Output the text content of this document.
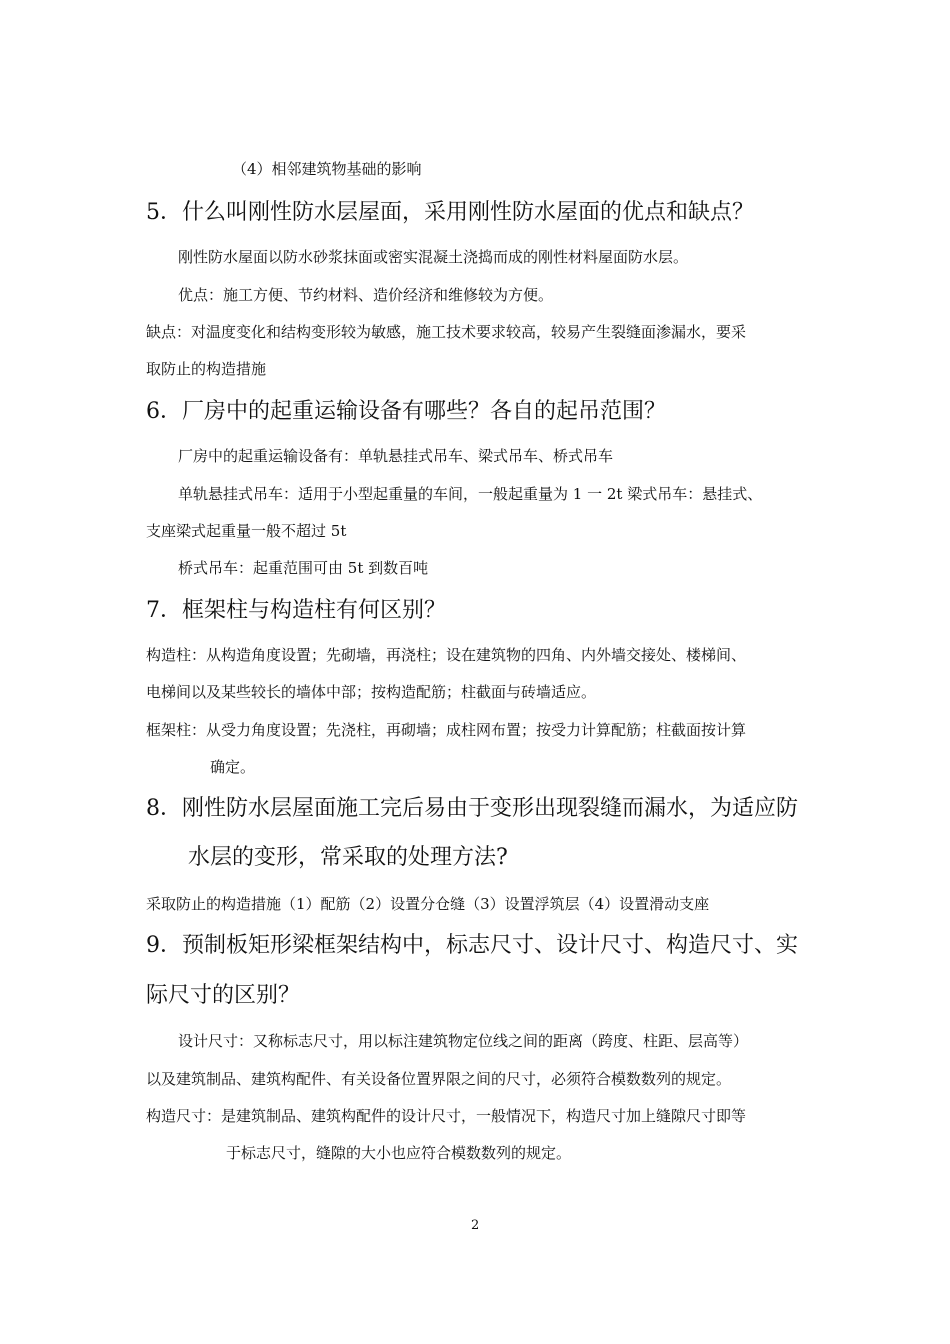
（4）相邻建筑物基础的影响
5．什么叫刚性防水层屋面，采用刚性防水屋面的优点和缺点？
刚性防水屋面以防水砂浆抹面或密实混凝土浇捣而成的刚性材料屋面防水层。
优点：施工方便、节约材料、造价经济和维修较为方便。
缺点：对温度变化和结构变形较为敏感，施工技术要求较高，较易产生裂缝面渗漏水，要采
取防止的构造措施
6．厂房中的起重运输设备有哪些？各自的起吊范围？
厂房中的起重运输设备有：单轨悬挂式吊车、梁式吊车、桥式吊车
单轨悬挂式吊车：适用于小型起重量的车间，一般起重量为 1 一 2t 梁式吊车：悬挂式、
支座梁式起重量一般不超过 5t
桥式吊车：起重范围可由 5t 到数百吨
7．框架柱与构造柱有何区别？
构造柱：从构造角度设置；先砌墙，再浇柱；设在建筑物的四角、内外墙交接处、楼梯间、
电梯间以及某些较长的墙体中部；按构造配筋；柱截面与砖墙适应。
框架柱：从受力角度设置；先浇柱，再砌墙；成柱网布置；按受力计算配筋；柱截面按计算
确定。
8．刚性防水层屋面施工完后易由于变形出现裂缝而漏水，为适应防
水层的变形，常采取的处理方法?
采取防止的构造措施（1）配筋（2）设置分仓缝（3）设置浮筑层（4）设置滑动支座
9．预制板矩形梁框架结构中，标志尺寸、设计尺寸、构造尺寸、实
际尺寸的区别？
设计尺寸：又称标志尺寸，用以标注建筑物定位线之间的距离（跨度、柱距、层高等）
以及建筑制品、建筑构配件、有关设备位置界限之间的尺寸，必须符合模数数列的规定。
构造尺寸：是建筑制品、建筑构配件的设计尺寸，一般情况下，构造尺寸加上缝隙尺寸即等
于标志尺寸，缝隙的大小也应符合模数数列的规定。
2
